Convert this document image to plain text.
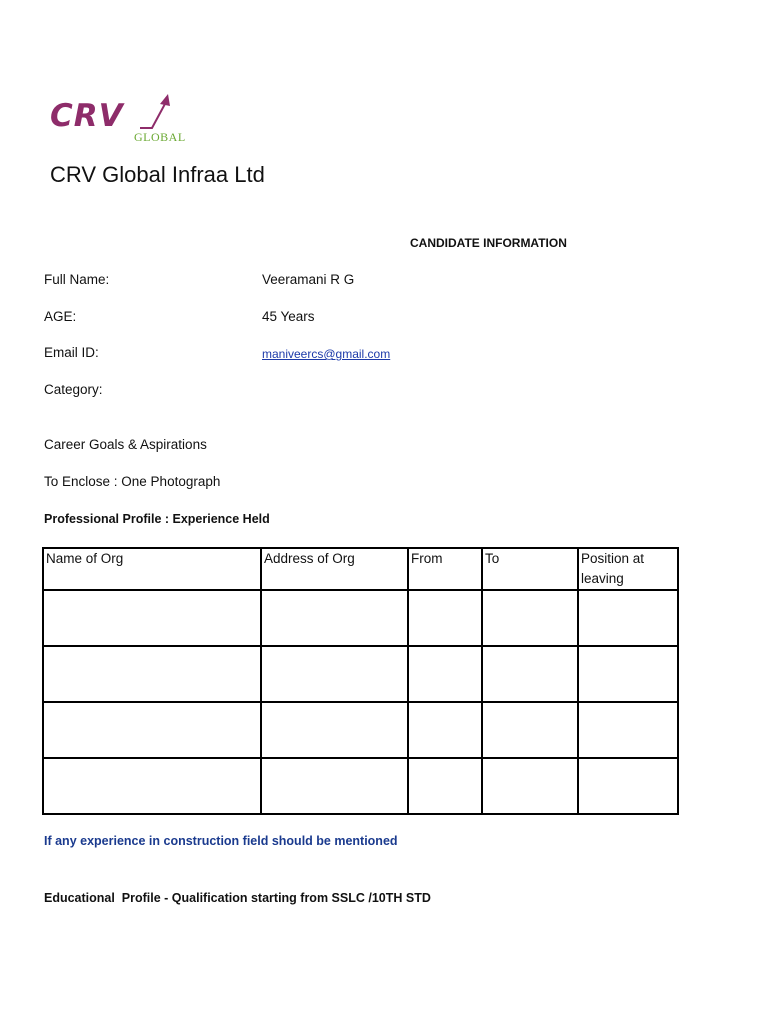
CRV
GLOBAL
CRV Global Infraa Ltd
CANDIDATE INFORMATION
Full Name:	Veeramani R G
AGE:	45 Years
Email ID:	maniveercs@gmail.com
Category:
Career Goals & Aspirations
To Enclose : One Photograph
Professional Profile : Experience Held
Name of Org	Address of Org	From	To	Position at leaving

If any experience in construction field should be mentioned
Educational  Profile - Qualification starting from SSLC /10TH STD
